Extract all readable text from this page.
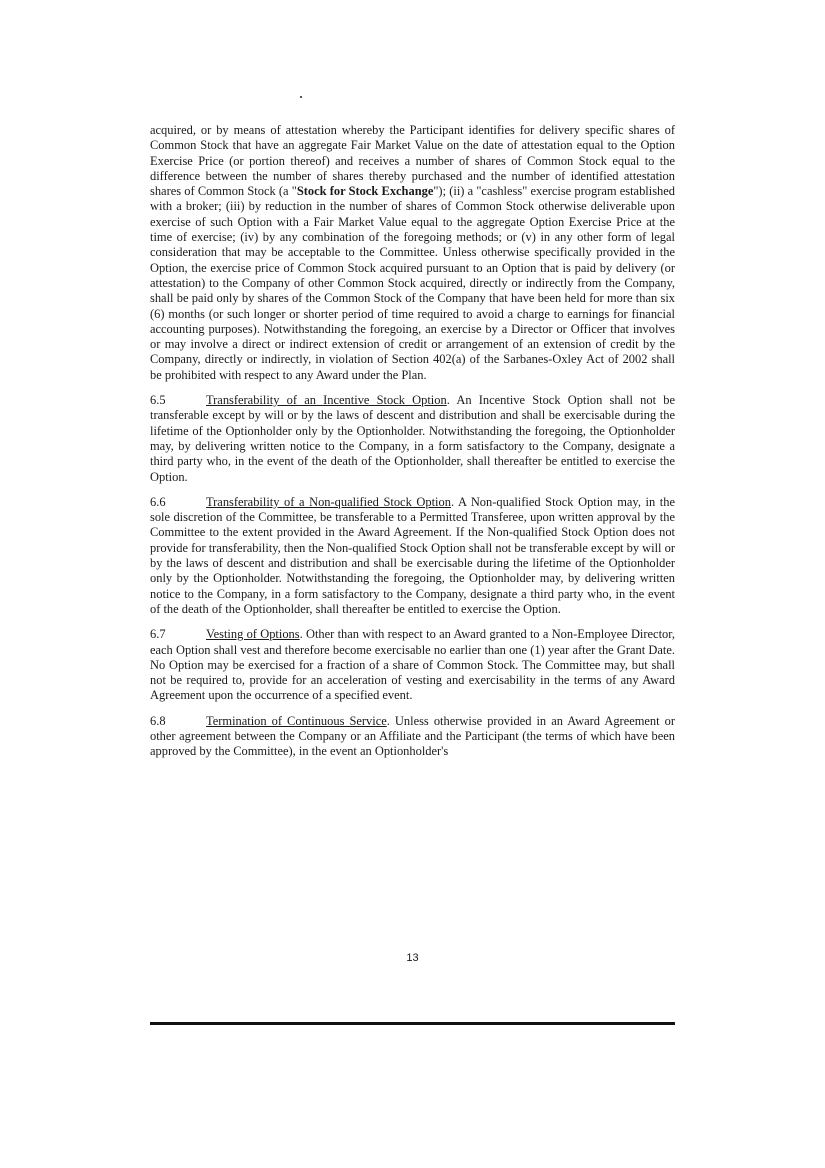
acquired, or by means of attestation whereby the Participant identifies for delivery specific shares of Common Stock that have an aggregate Fair Market Value on the date of attestation equal to the Option Exercise Price (or portion thereof) and receives a number of shares of Common Stock equal to the difference between the number of shares thereby purchased and the number of identified attestation shares of Common Stock (a "Stock for Stock Exchange"); (ii) a "cashless" exercise program established with a broker; (iii) by reduction in the number of shares of Common Stock otherwise deliverable upon exercise of such Option with a Fair Market Value equal to the aggregate Option Exercise Price at the time of exercise; (iv) by any combination of the foregoing methods; or (v) in any other form of legal consideration that may be acceptable to the Committee. Unless otherwise specifically provided in the Option, the exercise price of Common Stock acquired pursuant to an Option that is paid by delivery (or attestation) to the Company of other Common Stock acquired, directly or indirectly from the Company, shall be paid only by shares of the Common Stock of the Company that have been held for more than six (6) months (or such longer or shorter period of time required to avoid a charge to earnings for financial accounting purposes). Notwithstanding the foregoing, an exercise by a Director or Officer that involves or may involve a direct or indirect extension of credit or arrangement of an extension of credit by the Company, directly or indirectly, in violation of Section 402(a) of the Sarbanes-Oxley Act of 2002 shall be prohibited with respect to any Award under the Plan.

6.5	Transferability of an Incentive Stock Option. An Incentive Stock Option shall not be transferable except by will or by the laws of descent and distribution and shall be exercisable during the lifetime of the Optionholder only by the Optionholder. Notwithstanding the foregoing, the Optionholder may, by delivering written notice to the Company, in a form satisfactory to the Company, designate a third party who, in the event of the death of the Optionholder, shall thereafter be entitled to exercise the Option.

6.6	Transferability of a Non-qualified Stock Option. A Non-qualified Stock Option may, in the sole discretion of the Committee, be transferable to a Permitted Transferee, upon written approval by the Committee to the extent provided in the Award Agreement. If the Non-qualified Stock Option does not provide for transferability, then the Non-qualified Stock Option shall not be transferable except by will or by the laws of descent and distribution and shall be exercisable during the lifetime of the Optionholder only by the Optionholder. Notwithstanding the foregoing, the Optionholder may, by delivering written notice to the Company, in a form satisfactory to the Company, designate a third party who, in the event of the death of the Optionholder, shall thereafter be entitled to exercise the Option.

6.7	Vesting of Options. Other than with respect to an Award granted to a Non-Employee Director, each Option shall vest and therefore become exercisable no earlier than one (1) year after the Grant Date. No Option may be exercised for a fraction of a share of Common Stock. The Committee may, but shall not be required to, provide for an acceleration of vesting and exercisability in the terms of any Award Agreement upon the occurrence of a specified event.

6.8	Termination of Continuous Service. Unless otherwise provided in an Award Agreement or other agreement between the Company or an Affiliate and the Participant (the terms of which have been approved by the Committee), in the event an Optionholder's

13
